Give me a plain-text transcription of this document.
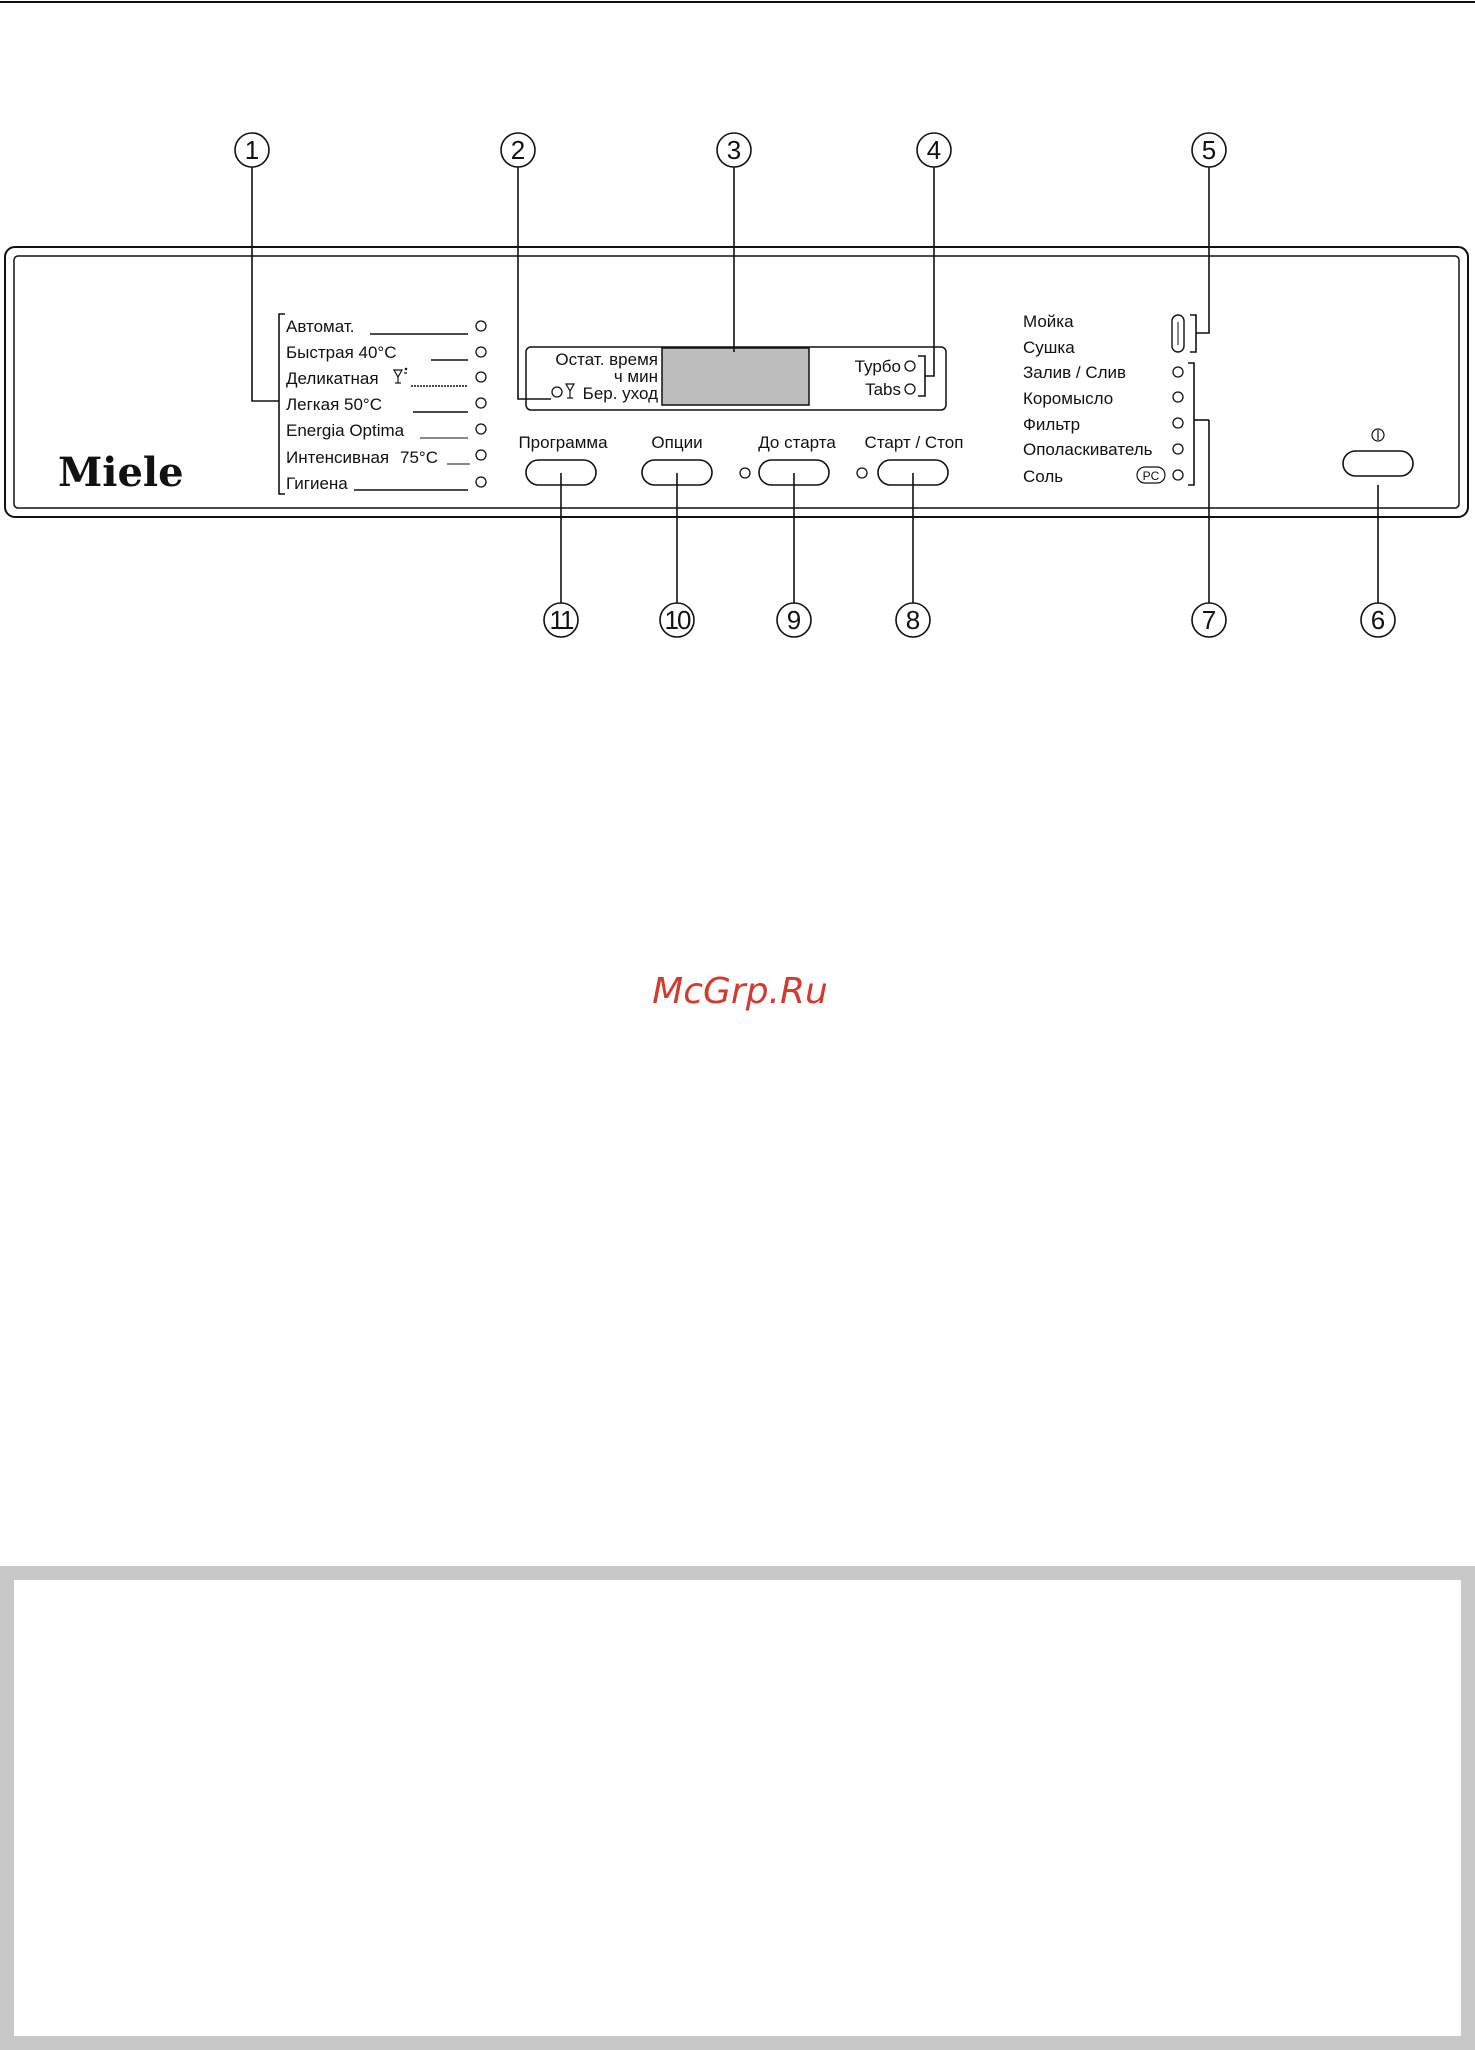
Miele
Автомат.
Быстрая 40°C
Деликатная
Легкая 50°C
Energia Optima
Интенсивная 75°C
Гигиена
Остат. время
ч мин
Бер. уход
Турбо
Tabs
Программа	Опции	До старта Старт / Стоп
Мойка
Сушка
Залив / Слив
Коромысло
Фильтр
Ополаскиватель
Соль	PC
1	2	3	4	5
6
7
8
9
10
11
McGrp.Ru
